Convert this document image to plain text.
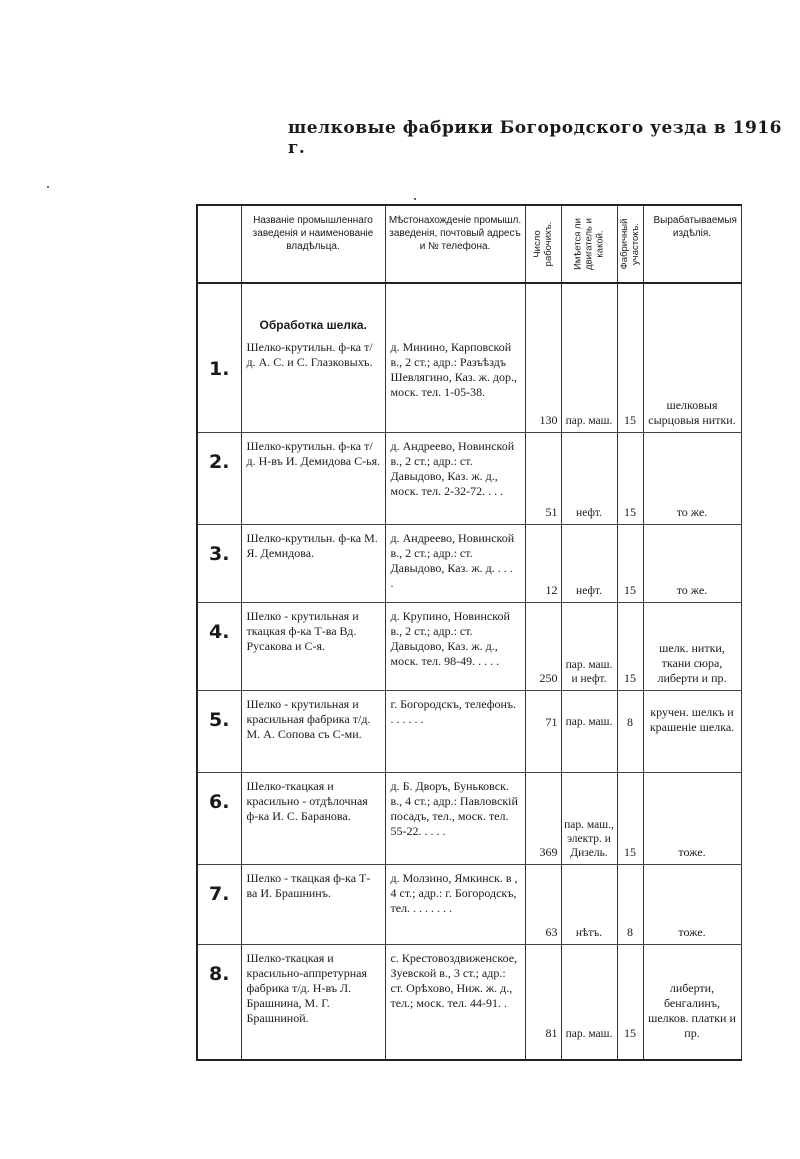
шелковые фабрики Богородского уезда в 1916 г.

	Названіе промышленнаго заведенія и наименованіе владѣльца.	Мѣстонахожденіе промышл. заведенія, почтовый адресъ и № телефона.	Число рабочихъ.	Имѣется ли двигатель и какой.	Фабричный участокъ.	Вырабатываемыя издѣлія.

	Обработка шелка.					

1.	Шелко-крутильн. ф-ка т/д. А. С. и С. Глазковыхъ.	д. Минино, Карповской в., 2 ст.; адр.: Разъѣздъ Шевлягино, Каз. ж. дор., моск. тел. 1-05-38.	130	пар. маш.	15	шелковыя сырцовыя нитки.

2.	Шелко-крутильн. ф-ка т/д. Н-въ И. Демидова С-ья.	д. Андреево, Новинской в., 2 ст.; адр.: ст. Давыдово, Каз. ж. д., моск. тел. 2-32-72. . . .	51	нефт.	15	то же.

3.	Шелко-крутильн. ф-ка М. Я. Демидова.	д. Андреево, Новинской в., 2 ст.; адр.: ст. Давыдово, Каз. ж. д. . . . .	12	нефт.	15	то же.

4.	Шелко - крутильная и ткацкая ф-ка Т-ва Вд. Русакова и С-я.	д. Крупино, Новинской в., 2 ст.; адр.: ст. Давыдово, Каз. ж. д., моск. тел. 98-49. . . . .	250	пар. маш. и нефт.	15	шелк. нитки, ткани сюра, либерти и пр.

5.	Шелко - крутильная и красильная фабрика т/д. М. А. Сопова съ С-ми.	г. Богородскъ, телефонъ. . . . . . .	71	пар. маш.	8	кручен. шелкъ и крашеніе шелка.

6.	Шелко-ткацкая и красильно - отдѣлочная ф-ка И. С. Баранова.	д. Б. Дворъ, Буньковск. в., 4 ст.; адр.: Павловскій посадъ, тел., моск. тел. 55-22. . . . .	369	пар. маш., электр. и Дизель.	15	тоже.

7.	Шелко - ткацкая ф-ка Т-ва И. Брашнинъ.	д. Молзино, Ямкинск. в , 4 ст.; адр.: г. Богородскъ, тел. . . . . . . .	63	нѣтъ.	8	тоже.

8.	Шелко-ткацкая и красильно-аппретурная фабрика т/д. Н-въ Л. Брашнина, М. Г. Брашниной.	с. Крестовоздвиженское, Зуевской в., 3 ст.; адр.: ст. Орѣхово, Ниж. ж. д., тел.; моск. тел. 44-91. .	81	пар. маш.	15	либерти, бенгалинъ, шелков. платки и пр.
